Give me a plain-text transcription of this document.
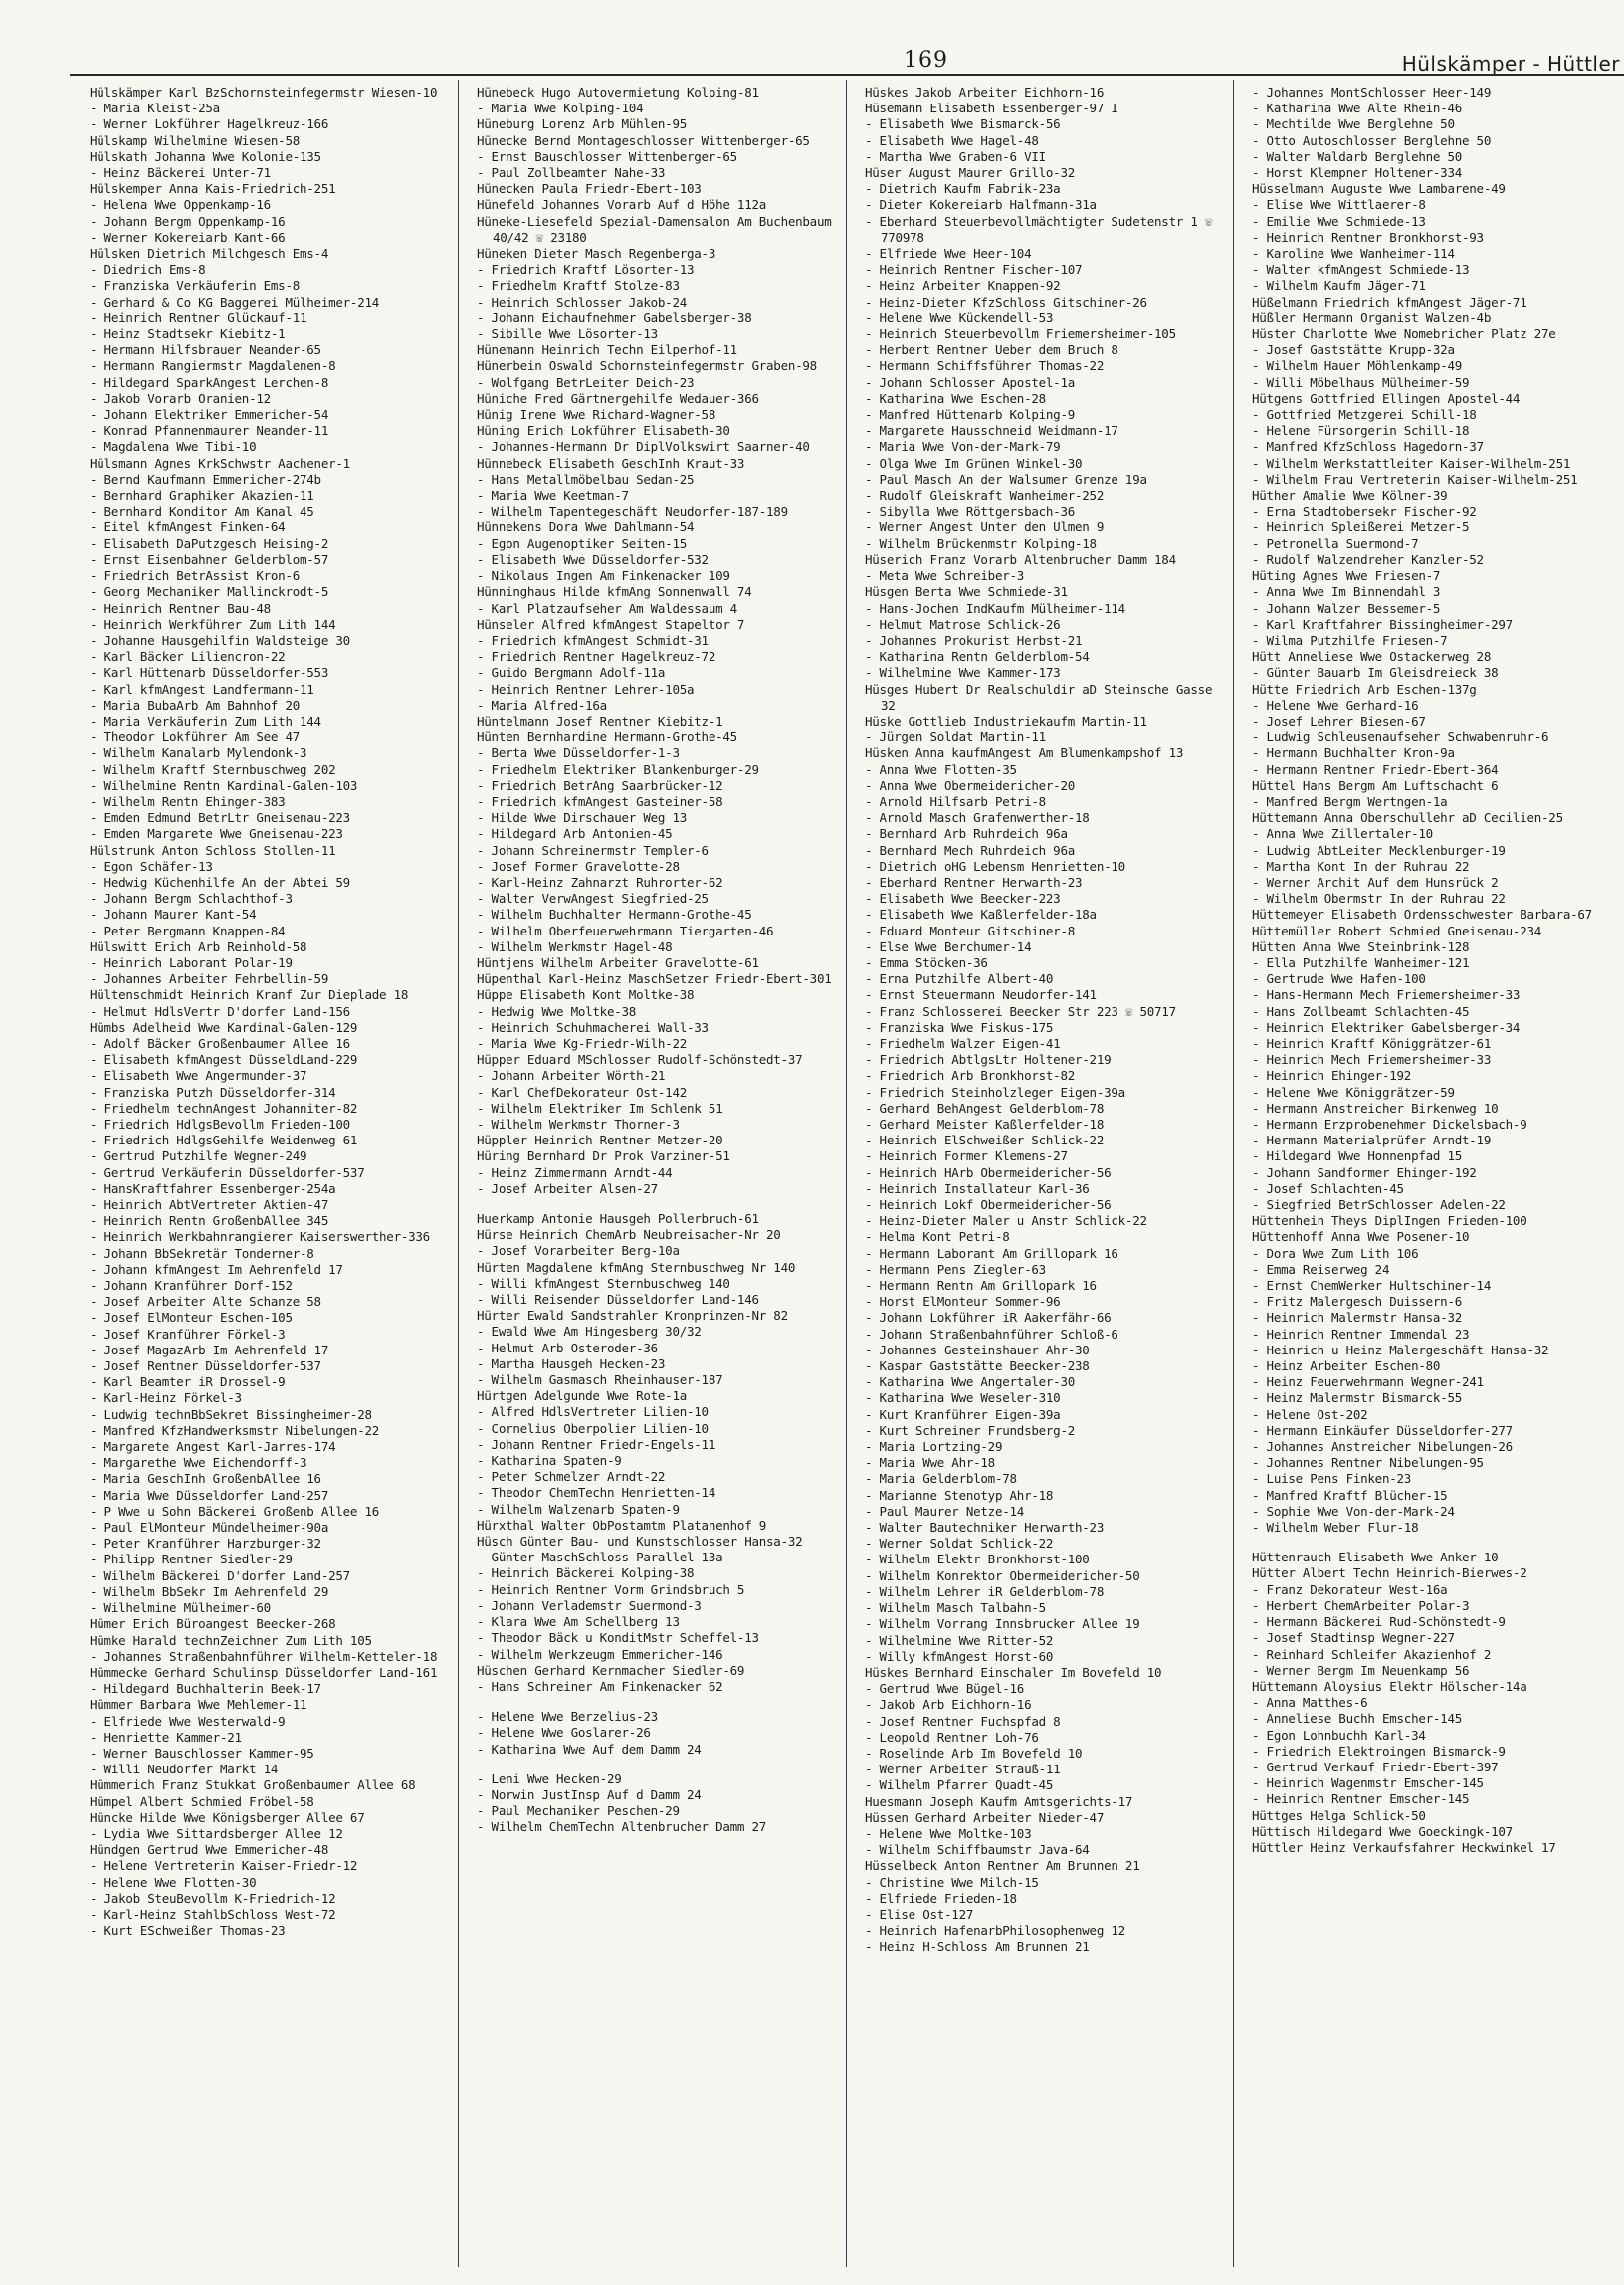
169	Hülskämper - Hüttler
Hülskämper Karl BzSchornsteinfegermstr Wiesen-10
- Maria Kleist-25a
- Werner Lokführer Hagelkreuz-166
Hülskamp Wilhelmine Wiesen-58
Hülskath Johanna Wwe Kolonie-135
- Heinz Bäckerei Unter-71
Hülskemper Anna Kais-Friedrich-251
- Helena Wwe Oppenkamp-16
- Johann Bergm Oppenkamp-16
- Werner Kokereiarb Kant-66
Hülsken Dietrich Milchgesch Ems-4
- Diedrich Ems-8
- Franziska Verkäuferin Ems-8
- Gerhard & Co KG Baggerei Mülheimer-214
- Heinrich Rentner Glückauf-11
- Heinz Stadtsekr Kiebitz-1
- Hermann Hilfsbrauer Neander-65
- Hermann Rangiermstr Magdalenen-8
- Hildegard SparkAngest Lerchen-8
- Jakob Vorarb Oranien-12
- Johann Elektriker Emmericher-54
- Konrad Pfannenmaurer Neander-11
- Magdalena Wwe Tibi-10
Hülsmann Agnes KrkSchwstr Aachener-1
- Bernd Kaufmann Emmericher-274b
- Bernhard Graphiker Akazien-11
- Bernhard Konditor Am Kanal 45
- Eitel kfmAngest Finken-64
- Elisabeth DaPutzgesch Heising-2
- Ernst Eisenbahner Gelderblom-57
- Friedrich BetrAssist Kron-6
- Georg Mechaniker Mallinckrodt-5
- Heinrich Rentner Bau-48
- Heinrich Werkführer Zum Lith 144
- Johanne Hausgehilfin Waldsteige 30
- Karl Bäcker Liliencron-22
- Karl Hüttenarb Düsseldorfer-553
- Karl kfmAngest Landfermann-11
- Maria BubaArb Am Bahnhof 20
- Maria Verkäuferin Zum Lith 144
- Theodor Lokführer Am See 47
- Wilhelm Kanalarb Mylendonk-3
- Wilhelm Kraftf Sternbuschweg 202
- Wilhelmine Rentn Kardinal-Galen-103
- Wilhelm Rentn Ehinger-383
- Emden Edmund BetrLtr Gneisenau-223
- Emden Margarete Wwe Gneisenau-223
Hülstrunk Anton Schloss Stollen-11
- Egon Schäfer-13
- Hedwig Küchenhilfe An der Abtei 59
- Johann Bergm Schlachthof-3
- Johann Maurer Kant-54
- Peter Bergmann Knappen-84
Hülswitt Erich Arb Reinhold-58
- Heinrich Laborant Polar-19
- Johannes Arbeiter Fehrbellin-59
Hültenschmidt Heinrich Kranf Zur Dieplade 18
- Helmut HdlsVertr D'dorfer Land-156
Hümbs Adelheid Wwe Kardinal-Galen-129
- Adolf Bäcker Großenbaumer Allee 16
- Elisabeth kfmAngest DüsseldLand-229
- Elisabeth Wwe Angermunder-37
- Franziska Putzh Düsseldorfer-314
- Friedhelm technAngest Johanniter-82
- Friedrich HdlgsBevollm Frieden-100
- Friedrich HdlgsGehilfe Weidenweg 61
- Gertrud Putzhilfe Wegner-249
- Gertrud Verkäuferin Düsseldorfer-537
- HansKraftfahrer Essenberger-254a
- Heinrich AbtVertreter Aktien-47
- Heinrich Rentn GroßenbAllee 345
- Heinrich Werkbahnrangierer Kaiserswerther-336
- Johann BbSekretär Tonderner-8
- Johann kfmAngest Im Aehrenfeld 17
- Johann Kranführer Dorf-152
- Josef Arbeiter Alte Schanze 58
- Josef ElMonteur Eschen-105
- Josef Kranführer Förkel-3
- Josef MagazArb Im Aehrenfeld 17
- Josef Rentner Düsseldorfer-537
- Karl Beamter iR Drossel-9
- Karl-Heinz Förkel-3
- Ludwig technBbSekret Bissingheimer-28
- Manfred KfzHandwerksmstr Nibelungen-22
- Margarete Angest Karl-Jarres-174
- Margarethe Wwe Eichendorff-3
- Maria GeschInh GroßenbAllee 16
- Maria Wwe Düsseldorfer Land-257
- P Wwe u Sohn Bäckerei Großenb Allee 16
- Paul ElMonteur Mündelheimer-90a
- Peter Kranführer Harzburger-32
- Philipp Rentner Siedler-29
- Wilhelm Bäckerei D'dorfer Land-257
- Wilhelm BbSekr Im Aehrenfeld 29
- Wilhelmine Mülheimer-60
Hümer Erich Büroangest Beecker-268
Hümke Harald technZeichner Zum Lith 105
- Johannes Straßenbahnführer Wilhelm-Ketteler-18
Hümmecke Gerhard Schulinsp Düsseldorfer Land-161
- Hildegard Buchhalterin Beek-17
Hümmer Barbara Wwe Mehlemer-11
- Elfriede Wwe Westerwald-9
- Henriette Kammer-21
- Werner Bauschlosser Kammer-95
- Willi Neudorfer Markt 14
Hümmerich Franz Stukkat Großenbaumer Allee 68
Hümpel Albert Schmied Fröbel-58
Hüncke Hilde Wwe Königsberger Allee 67
- Lydia Wwe Sittardsberger Allee 12
Hündgen Gertrud Wwe Emmericher-48
- Helene Vertreterin Kaiser-Friedr-12
- Helene Wwe Flotten-30
- Jakob SteuBevollm K-Friedrich-12
- Karl-Heinz StahlbSchloss West-72
- Kurt ESchweißer Thomas-23
Hünebeck Hugo Autovermietung Kolping-81
- Maria Wwe Kolping-104
Hüneburg Lorenz Arb Mühlen-95
Hünecke Bernd Montageschlosser Wittenberger-65
- Ernst Bauschlosser Wittenberger-65
- Paul Zollbeamter Nahe-33
Hünecken Paula Friedr-Ebert-103
Hünefeld Johannes Vorarb Auf d Höhe 112a
Hüneke-Liesefeld Spezial-Damensalon Am Buchenbaum 40/42 ☏ 23180
Hüneken Dieter Masch Regenberga-3
- Friedrich Kraftf Lösorter-13
- Friedhelm Kraftf Stolze-83
- Heinrich Schlosser Jakob-24
- Johann Eichaufnehmer Gabelsberger-38
- Sibille Wwe Lösorter-13
Hünemann Heinrich Techn Eilperhof-11
Hünerbein Oswald Schornsteinfegermstr Graben-98
- Wolfgang BetrLeiter Deich-23
Hüniche Fred Gärtnergehilfe Wedauer-366
Hünig Irene Wwe Richard-Wagner-58
Hüning Erich Lokführer Elisabeth-30
- Johannes-Hermann Dr DiplVolkswirt Saarner-40
Hünnebeck Elisabeth GeschInh Kraut-33
- Hans Metallmöbelbau Sedan-25
- Maria Wwe Keetman-7
- Wilhelm Tapentegeschäft Neudorfer-187-189
Hünnekens Dora Wwe Dahlmann-54
- Egon Augenoptiker Seiten-15
- Elisabeth Wwe Düsseldorfer-532
- Nikolaus Ingen Am Finkenacker 109
Hünninghaus Hilde kfmAng Sonnenwall 74
- Karl Platzaufseher Am Waldessaum 4
Hünseler Alfred kfmAngest Stapeltor 7
- Friedrich kfmAngest Schmidt-31
- Friedrich Rentner Hagelkreuz-72
- Guido Bergmann Adolf-11a
- Heinrich Rentner Lehrer-105a
- Maria Alfred-16a
Hüntelmann Josef Rentner Kiebitz-1
Hünten Bernhardine Hermann-Grothe-45
- Berta Wwe Düsseldorfer-1-3
- Friedhelm Elektriker Blankenburger-29
- Friedrich BetrAng Saarbrücker-12
- Friedrich kfmAngest Gasteiner-58
- Hilde Wwe Dirschauer Weg 13
- Hildegard Arb Antonien-45
- Johann Schreinermstr Templer-6
- Josef Former Gravelotte-28
- Karl-Heinz Zahnarzt Ruhrorter-62
- Walter VerwAngest Siegfried-25
- Wilhelm Buchhalter Hermann-Grothe-45
- Wilhelm Oberfeuerwehrmann Tiergarten-46
- Wilhelm Werkmstr Hagel-48
Hüntjens Wilhelm Arbeiter Gravelotte-61
Hüpenthal Karl-Heinz MaschSetzer Friedr-Ebert-301
Hüppe Elisabeth Kont Moltke-38
- Hedwig Wwe Moltke-38
- Heinrich Schuhmacherei Wall-33
- Maria Wwe Kg-Friedr-Wilh-22
Hüpper Eduard MSchlosser Rudolf-Schönstedt-37
- Johann Arbeiter Wörth-21
- Karl ChefDekorateur Ost-142
- Wilhelm Elektriker Im Schlenk 51
- Wilhelm Werkmstr Thorner-3
Hüppler Heinrich Rentner Metzer-20
Hüring Bernhard Dr Prok Varziner-51
- Heinz Zimmermann Arndt-44
- Josef Arbeiter Alsen-27
Huerkamp Antonie Hausgeh Pollerbruch-61
Hürse Heinrich ChemArb Neubreisacher-Nr 20
- Josef Vorarbeiter Berg-10a
Hürten Magdalene kfmAng Sternbuschweg Nr 140
- Willi kfmAngest Sternbuschweg 140
- Willi Reisender Düsseldorfer Land-146
Hürter Ewald Sandstrahler Kronprinzen-Nr 82
- Ewald Wwe Am Hingesberg 30/32
- Helmut Arb Osteroder-36
- Martha Hausgeh Hecken-23
- Wilhelm Gasmasch Rheinhauser-187
Hürtgen Adelgunde Wwe Rote-1a
- Alfred HdlsVertreter Lilien-10
- Cornelius Oberpolier Lilien-10
- Johann Rentner Friedr-Engels-11
- Katharina Spaten-9
- Peter Schmelzer Arndt-22
- Theodor ChemTechn Henrietten-14
- Wilhelm Walzenarb Spaten-9
Hürxthal Walter ObPostamtm Platanenhof 9
Hüsch Günter Bau- und Kunstschlosser Hansa-32
- Günter MaschSchloss Parallel-13a
- Heinrich Bäckerei Kolping-38
- Heinrich Rentner Vorm Grindsbruch 5
- Johann Verlademstr Suermond-3
- Klara Wwe Am Schellberg 13
- Theodor Bäck u KonditMstr Scheffel-13
- Wilhelm Werkzeugm Emmericher-146
Hüschen Gerhard Kernmacher Siedler-69
- Hans Schreiner Am Finkenacker 62
- Helene Wwe Berzelius-23
- Helene Wwe Goslarer-26
- Katharina Wwe Auf dem Damm 24
- Leni Wwe Hecken-29
- Norwin JustInsp Auf d Damm 24
- Paul Mechaniker Peschen-29
- Wilhelm ChemTechn Altenbrucher Damm 27
Hüskes Jakob Arbeiter Eichhorn-16
Hüsemann Elisabeth Essenberger-97 I
- Elisabeth Wwe Bismarck-56
- Elisabeth Wwe Hagel-48
- Martha Wwe Graben-6 VII
Hüser August Maurer Grillo-32
- Dietrich Kaufm Fabrik-23a
- Dieter Kokereiarb Halfmann-31a
- Eberhard Steuerbevollmächtigter Sudetenstr 1 ☏ 770978
- Elfriede Wwe Heer-104
- Heinrich Rentner Fischer-107
- Heinz Arbeiter Knappen-92
- Heinz-Dieter KfzSchloss Gitschiner-26
- Helene Wwe Kückendell-53
- Heinrich Steuerbevollm Friemersheimer-105
- Herbert Rentner Ueber dem Bruch 8
- Hermann Schiffsführer Thomas-22
- Johann Schlosser Apostel-1a
- Katharina Wwe Eschen-28
- Manfred Hüttenarb Kolping-9
- Margarete Hausschneid Weidmann-17
- Maria Wwe Von-der-Mark-79
- Olga Wwe Im Grünen Winkel-30
- Paul Masch An der Walsumer Grenze 19a
- Rudolf Gleiskraft Wanheimer-252
- Sibylla Wwe Röttgersbach-36
- Werner Angest Unter den Ulmen 9
- Wilhelm Brückenmstr Kolping-18
Hüserich Franz Vorarb Altenbrucher Damm 184
- Meta Wwe Schreiber-3
Hüsgen Berta Wwe Schmiede-31
- Hans-Jochen IndKaufm Mülheimer-114
- Helmut Matrose Schlick-26
- Johannes Prokurist Herbst-21
- Katharina Rentn Gelderblom-54
- Wilhelmine Wwe Kammer-173
Hüsges Hubert Dr Realschuldir aD Steinsche Gasse 32
Hüske Gottlieb Industriekaufm Martin-11
- Jürgen Soldat Martin-11
Hüsken Anna kaufmAngest Am Blumenkampshof 13
- Anna Wwe Flotten-35
- Anna Wwe Obermeidericher-20
- Arnold Hilfsarb Petri-8
- Arnold Masch Grafenwerther-18
- Bernhard Arb Ruhrdeich 96a
- Bernhard Mech Ruhrdeich 96a
- Dietrich oHG Lebensm Henrietten-10
- Eberhard Rentner Herwarth-23
- Elisabeth Wwe Beecker-223
- Elisabeth Wwe Kaßlerfelder-18a
- Eduard Monteur Gitschiner-8
- Else Wwe Berchumer-14
- Emma Stöcken-36
- Erna Putzhilfe Albert-40
- Ernst Steuermann Neudorfer-141
- Franz Schlosserei Beecker Str 223 ☏ 50717
- Franziska Wwe Fiskus-175
- Friedhelm Walzer Eigen-41
- Friedrich AbtlgsLtr Holtener-219
- Friedrich Arb Bronkhorst-82
- Friedrich Steinholzleger Eigen-39a
- Gerhard BehAngest Gelderblom-78
- Gerhard Meister Kaßlerfelder-18
- Heinrich ElSchweißer Schlick-22
- Heinrich Former Klemens-27
- Heinrich HArb Obermeidericher-56
- Heinrich Installateur Karl-36
- Heinrich Lokf Obermeidericher-56
- Heinz-Dieter Maler u Anstr Schlick-22
- Helma Kont Petri-8
- Hermann Laborant Am Grillopark 16
- Hermann Pens Ziegler-63
- Hermann Rentn Am Grillopark 16
- Horst ElMonteur Sommer-96
- Johann Lokführer iR Aakerfähr-66
- Johann Straßenbahnführer Schloß-6
- Johannes Gesteinshauer Ahr-30
- Kaspar Gaststätte Beecker-238
- Katharina Wwe Angertaler-30
- Katharina Wwe Weseler-310
- Kurt Kranführer Eigen-39a
- Kurt Schreiner Frundsberg-2
- Maria Lortzing-29
- Maria Wwe Ahr-18
- Maria Gelderblom-78
- Marianne Stenotyp Ahr-18
- Paul Maurer Netze-14
- Walter Bautechniker Herwarth-23
- Werner Soldat Schlick-22
- Wilhelm Elektr Bronkhorst-100
- Wilhelm Konrektor Obermeidericher-50
- Wilhelm Lehrer iR Gelderblom-78
- Wilhelm Masch Talbahn-5
- Wilhelm Vorrang Innsbrucker Allee 19
- Wilhelmine Wwe Ritter-52
- Willy kfmAngest Horst-60
Hüskes Bernhard Einschaler Im Bovefeld 10
- Gertrud Wwe Bügel-16
- Jakob Arb Eichhorn-16
- Josef Rentner Fuchspfad 8
- Leopold Rentner Loh-76
- Roselinde Arb Im Bovefeld 10
- Werner Arbeiter Strauß-11
- Wilhelm Pfarrer Quadt-45
Huesmann Joseph Kaufm Amtsgerichts-17
Hüssen Gerhard Arbeiter Nieder-47
- Helene Wwe Moltke-103
- Wilhelm Schiffbaumstr Java-64
Hüsselbeck Anton Rentner Am Brunnen 21
- Christine Wwe Milch-15
- Elfriede Frieden-18
- Elise Ost-127
- Heinrich HafenarbPhilosophenweg 12
- Heinz H-Schloss Am Brunnen 21
- Johannes MontSchlosser Heer-149
- Katharina Wwe Alte Rhein-46
- Mechtilde Wwe Berglehne 50
- Otto Autoschlosser Berglehne 50
- Walter Waldarb Berglehne 50
- Horst Klempner Holtener-334
Hüsselmann Auguste Wwe Lambarene-49
- Elise Wwe Wittlaerer-8
- Emilie Wwe Schmiede-13
- Heinrich Rentner Bronkhorst-93
- Karoline Wwe Wanheimer-114
- Walter kfmAngest Schmiede-13
- Wilhelm Kaufm Jäger-71
Hüßelmann Friedrich kfmAngest Jäger-71
Hüßler Hermann Organist Walzen-4b
Hüster Charlotte Wwe Nomebricher Platz 27e
- Josef Gaststätte Krupp-32a
- Wilhelm Hauer Möhlenkamp-49
- Willi Möbelhaus Mülheimer-59
Hütgens Gottfried Ellingen Apostel-44
- Gottfried Metzgerei Schill-18
- Helene Fürsorgerin Schill-18
- Manfred KfzSchloss Hagedorn-37
- Wilhelm Werkstattleiter Kaiser-Wilhelm-251
- Wilhelm Frau Vertreterin Kaiser-Wilhelm-251
Hüther Amalie Wwe Kölner-39
- Erna Stadtobersekr Fischer-92
- Heinrich Spleißerei Metzer-5
- Petronella Suermond-7
- Rudolf Walzendreher Kanzler-52
Hüting Agnes Wwe Friesen-7
- Anna Wwe Im Binnendahl 3
- Johann Walzer Bessemer-5
- Karl Kraftfahrer Bissingheimer-297
- Wilma Putzhilfe Friesen-7
Hütt Anneliese Wwe Ostackerweg 28
- Günter Bauarb Im Gleisdreieck 38
Hütte Friedrich Arb Eschen-137g
- Helene Wwe Gerhard-16
- Josef Lehrer Biesen-67
- Ludwig Schleusenaufseher Schwabenruhr-6
- Hermann Buchhalter Kron-9a
- Hermann Rentner Friedr-Ebert-364
Hüttel Hans Bergm Am Luftschacht 6
- Manfred Bergm Wertngen-1a
Hüttemann Anna Oberschullehr aD Cecilien-25
- Anna Wwe Zillertaler-10
- Ludwig AbtLeiter Mecklenburger-19
- Martha Kont In der Ruhrau 22
- Werner Archit Auf dem Hunsrück 2
- Wilhelm Obermstr In der Ruhrau 22
Hüttemeyer Elisabeth Ordensschwester Barbara-67
Hüttemüller Robert Schmied Gneisenau-234
Hütten Anna Wwe Steinbrink-128
- Ella Putzhilfe Wanheimer-121
- Gertrude Wwe Hafen-100
- Hans-Hermann Mech Friemersheimer-33
- Hans Zollbeamt Schlachten-45
- Heinrich Elektriker Gabelsberger-34
- Heinrich Kraftf Königgrätzer-61
- Heinrich Mech Friemersheimer-33
- Heinrich Ehinger-192
- Helene Wwe Königgrätzer-59
- Hermann Anstreicher Birkenweg 10
- Hermann Erzprobenehmer Dickelsbach-9
- Hermann Materialprüfer Arndt-19
- Hildegard Wwe Honnenpfad 15
- Johann Sandformer Ehinger-192
- Josef Schlachten-45
- Siegfried BetrSchlosser Adelen-22
Hüttenhein Theys DiplIngen Frieden-100
Hüttenhoff Anna Wwe Posener-10
- Dora Wwe Zum Lith 106
- Emma Reiserweg 24
- Ernst ChemWerker Hultschiner-14
- Fritz Malergesch Duissern-6
- Heinrich Malermstr Hansa-32
- Heinrich Rentner Immendal 23
- Heinrich u Heinz Malergeschäft Hansa-32
- Heinz Arbeiter Eschen-80
- Heinz Feuerwehrmann Wegner-241
- Heinz Malermstr Bismarck-55
- Helene Ost-202
- Hermann Einkäufer Düsseldorfer-277
- Johannes Anstreicher Nibelungen-26
- Johannes Rentner Nibelungen-95
- Luise Pens Finken-23
- Manfred Kraftf Blücher-15
- Sophie Wwe Von-der-Mark-24
- Wilhelm Weber Flur-18
Hüttenrauch Elisabeth Wwe Anker-10
Hütter Albert Techn Heinrich-Bierwes-2
- Franz Dekorateur West-16a
- Herbert ChemArbeiter Polar-3
- Hermann Bäckerei Rud-Schönstedt-9
- Josef Stadtinsp Wegner-227
- Reinhard Schleifer Akazienhof 2
- Werner Bergm Im Neuenkamp 56
Hüttemann Aloysius Elektr Hölscher-14a
- Anna Matthes-6
- Anneliese Buchh Emscher-145
- Egon Lohnbuchh Karl-34
- Friedrich Elektroingen Bismarck-9
- Gertrud Verkauf Friedr-Ebert-397
- Heinrich Wagenmstr Emscher-145
- Heinrich Rentner Emscher-145
Hüttges Helga Schlick-50
Hüttisch Hildegard Wwe Goeckingk-107
Hüttler Heinz Verkaufsfahrer Heckwinkel 17
